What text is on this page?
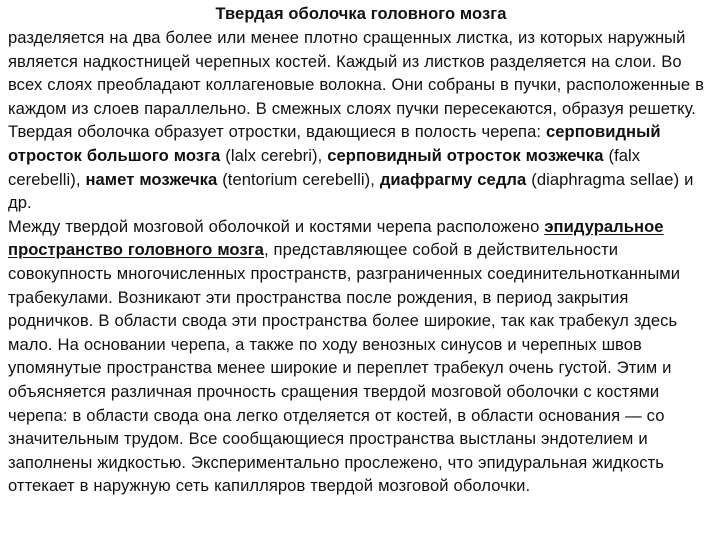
Твердая оболочка головного мозга

разделяется на два более или менее плотно сращенных листка, из которых наружный является надкостницей черепных костей. Каждый из листков разделяется на слои. Во всех слоях преобладают коллагеновые волокна. Они собраны в пучки, расположенные в каждом из слоев параллельно. В смежных слоях пучки пересекаются, образуя решетку. Твердая оболочка образует отростки, вдающиеся в полость черепа: серповидный отросток большого мозга (lalx cerebri), серповидный отросток мозжечка (falx cerebelli), намет мозжечка (tentorium cerebelli), диафрагму седла (diaphragma sellae) и др.

Между твердой мозговой оболочкой и костями черепа расположено эпидуральное пространство головного мозга, представляющее собой в действительности совокупность многочисленных пространств, разграниченных соединительнотканными трабекулами. Возникают эти пространства после рождения, в период закрытия родничков. В области свода эти пространства более широкие, так как трабекул здесь мало. На основании черепа, а также по ходу венозных синусов и черепных швов упомянутые пространства менее широкие и переплет трабекул очень густой. Этим и объясняется различная прочность сращения твердой мозговой оболочки с костями черепа: в области свода она легко отделяется от костей, в области основания — со значительным трудом. Все сообщающиеся пространства выстланы эндотелием и заполнены жидкостью. Экспериментально прослежено, что эпидуральная жидкость оттекает в наружную сеть капилляров твердой мозговой оболочки.
